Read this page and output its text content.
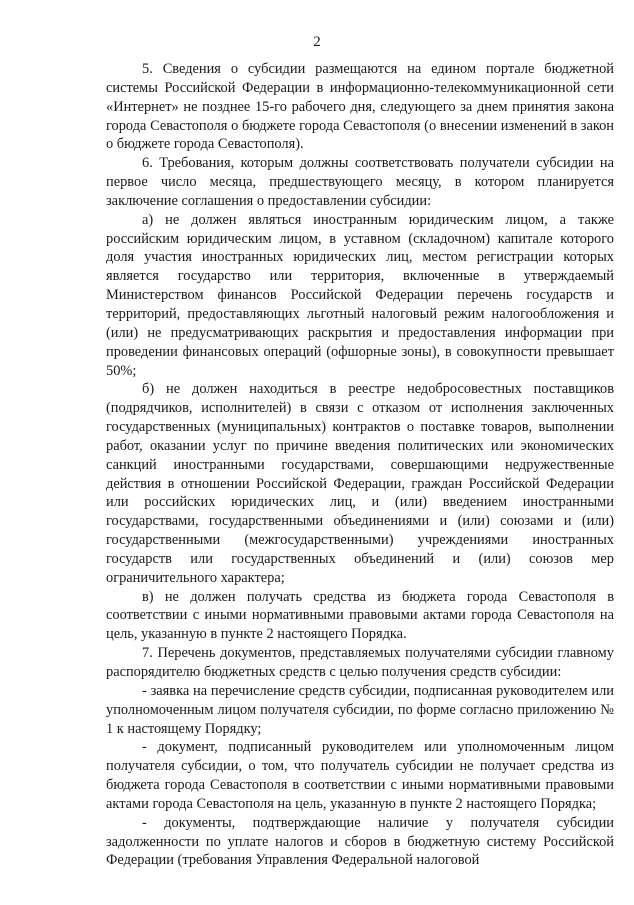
2

5. Сведения о субсидии размещаются на едином портале бюджетной системы Российской Федерации в информационно-телекоммуникационной сети «Интернет» не позднее 15-го рабочего дня, следующего за днем принятия закона города Севастополя о бюджете города Севастополя (о внесении изменений в закон о бюджете города Севастополя).

6. Требования, которым должны соответствовать получатели субсидии на первое число месяца, предшествующего месяцу, в котором планируется заключение соглашения о предоставлении субсидии:

а) не должен являться иностранным юридическим лицом, а также российским юридическим лицом, в уставном (складочном) капитале которого доля участия иностранных юридических лиц, местом регистрации которых является государство или территория, включенные в утверждаемый Министерством финансов Российской Федерации перечень государств и территорий, предоставляющих льготный налоговый режим налогообложения и (или) не предусматривающих раскрытия и предоставления информации при проведении финансовых операций (офшорные зоны), в совокупности превышает 50%;

б) не должен находиться в реестре недобросовестных поставщиков (подрядчиков, исполнителей) в связи с отказом от исполнения заключенных государственных (муниципальных) контрактов о поставке товаров, выполнении работ, оказании услуг по причине введения политических или экономических санкций иностранными государствами, совершающими недружественные действия в отношении Российской Федерации, граждан Российской Федерации или российских юридических лиц, и (или) введением иностранными государствами, государственными объединениями и (или) союзами и (или) государственными (межгосударственными) учреждениями иностранных государств или государственных объединений и (или) союзов мер ограничительного характера;

в) не должен получать средства из бюджета города Севастополя в соответствии с иными нормативными правовыми актами города Севастополя на цель, указанную в пункте 2 настоящего Порядка.

7. Перечень документов, представляемых получателями субсидии главному распорядителю бюджетных средств с целью получения средств субсидии:

- заявка на перечисление средств субсидии, подписанная руководителем или уполномоченным лицом получателя субсидии, по форме согласно приложению № 1 к настоящему Порядку;

- документ, подписанный руководителем или уполномоченным лицом получателя субсидии, о том, что получатель субсидии не получает средства из бюджета города Севастополя в соответствии с иными нормативными правовыми актами города Севастополя на цель, указанную в пункте 2 настоящего Порядка;

- документы, подтверждающие наличие у получателя субсидии задолженности по уплате налогов и сборов в бюджетную систему Российской Федерации (требования Управления Федеральной налоговой
